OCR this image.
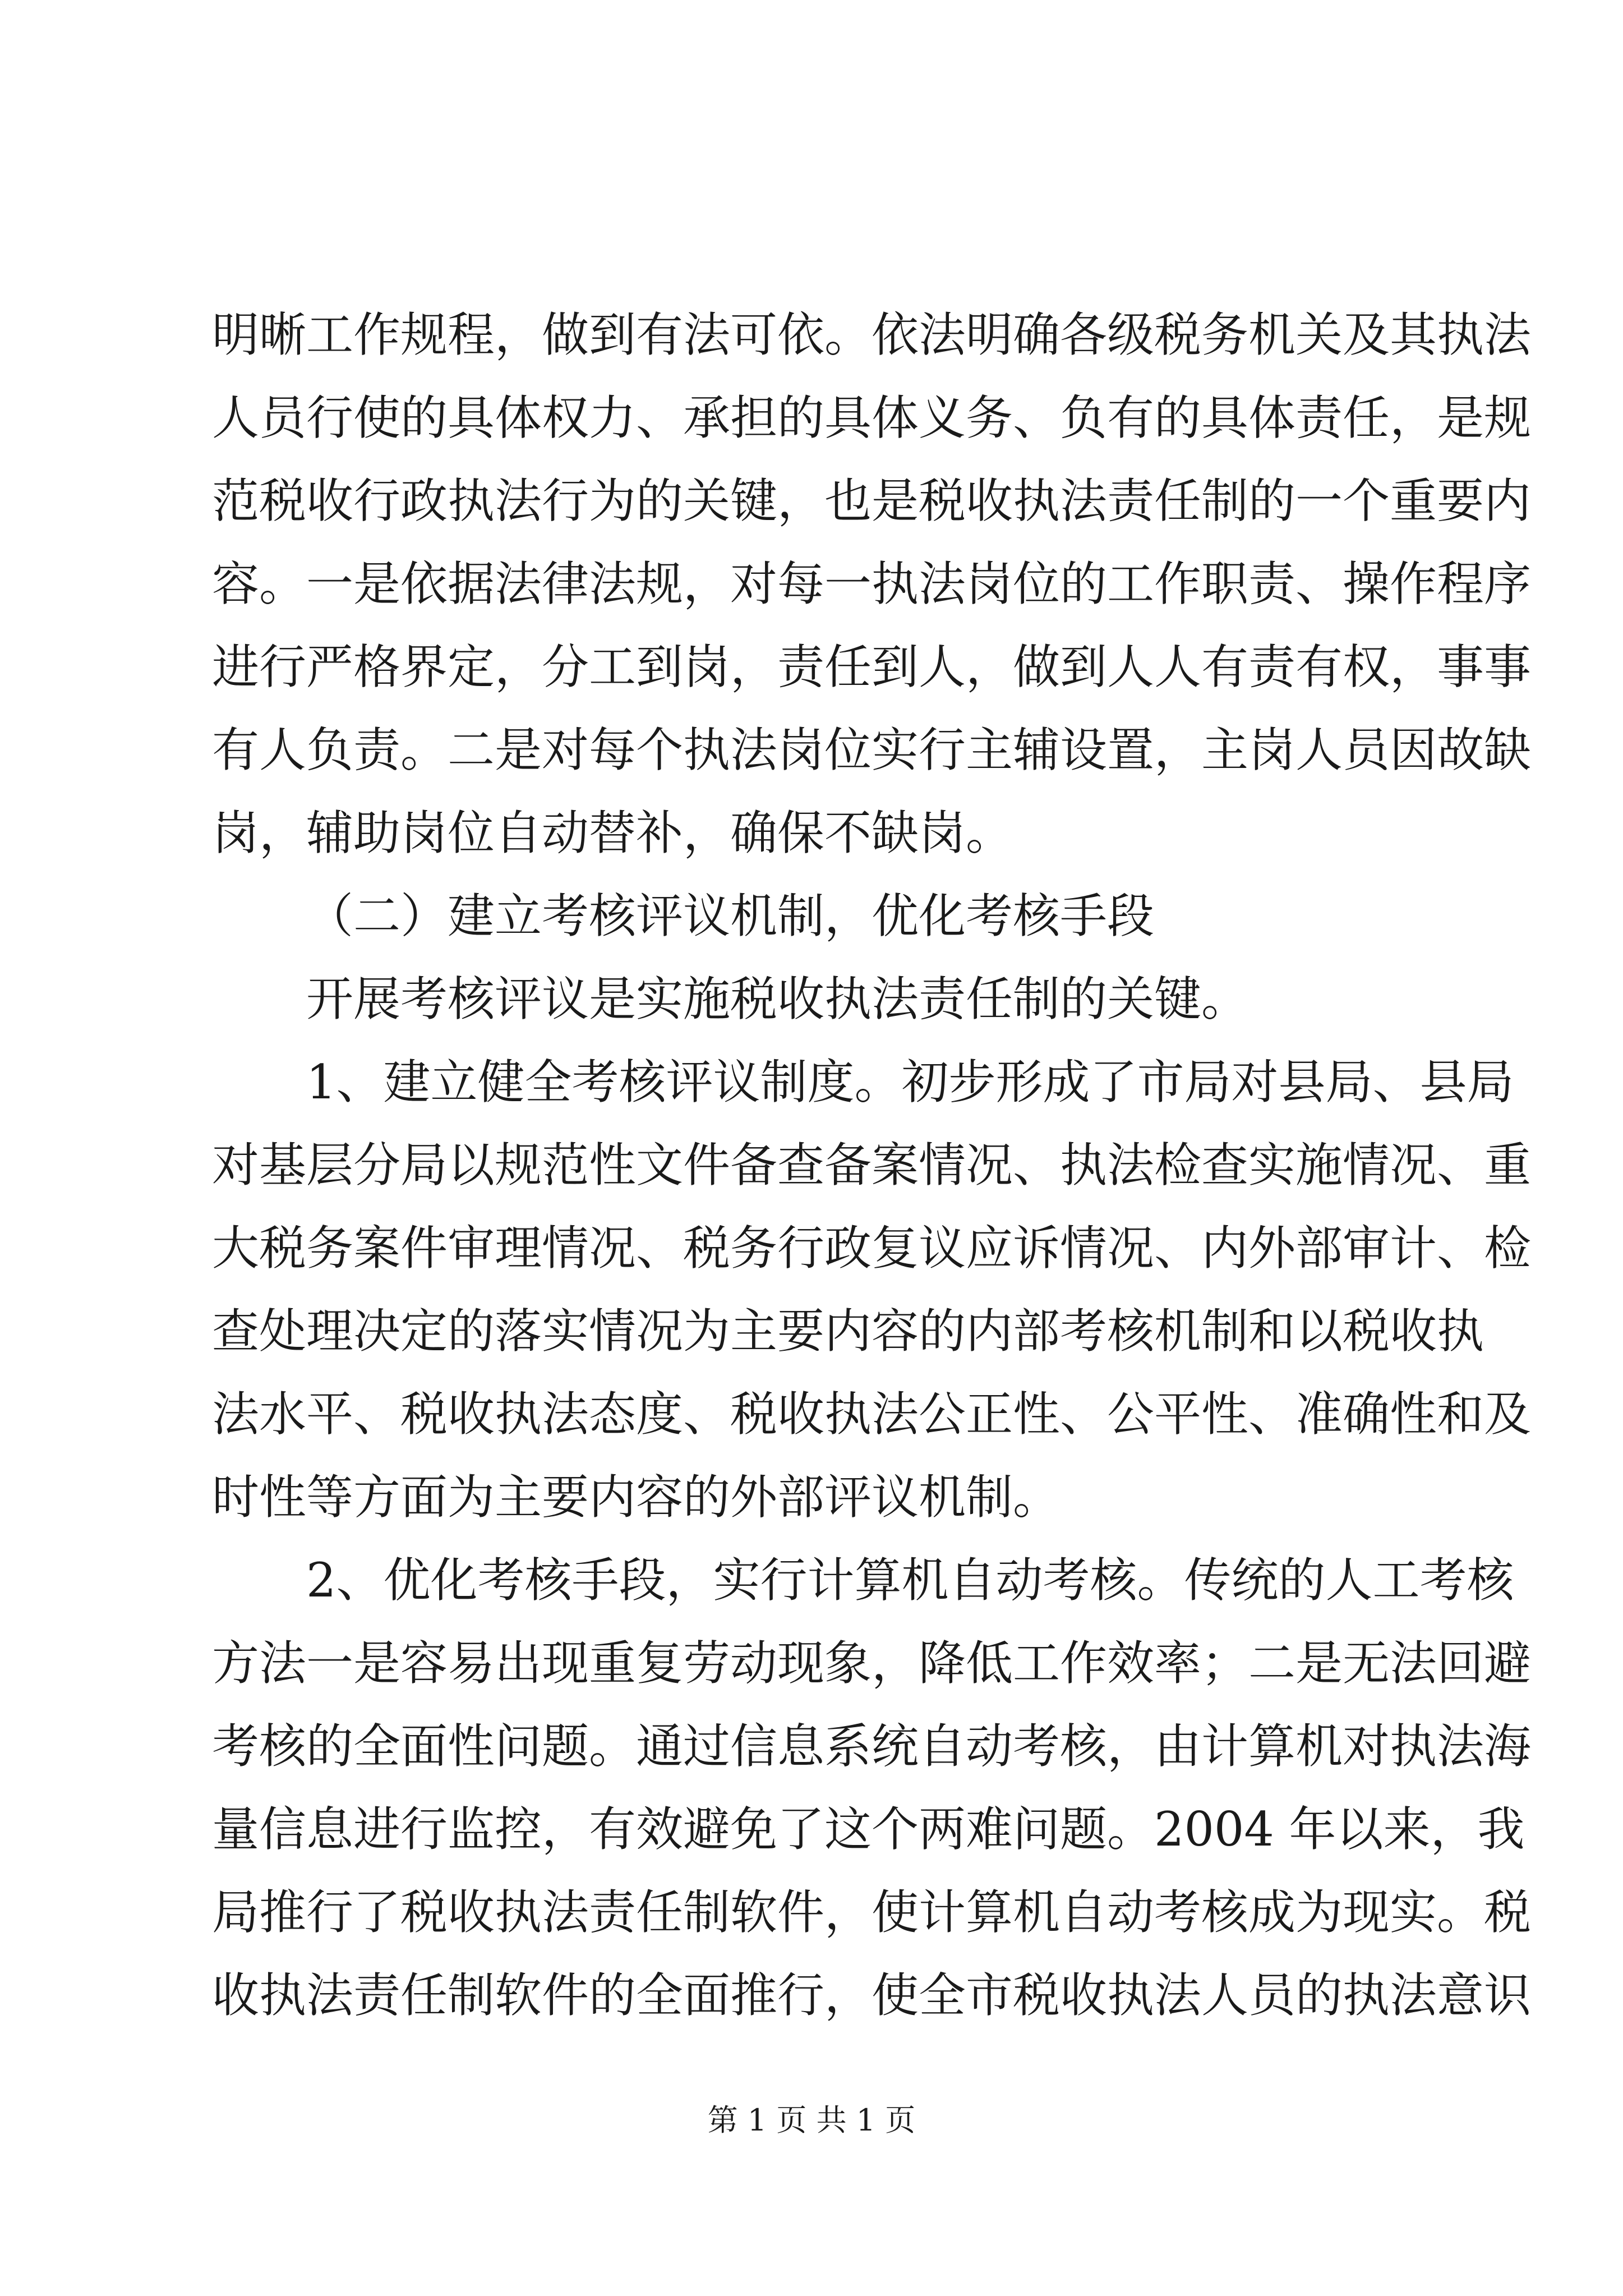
明晰工作规程，做到有法可依。依法明确各级税务机关及其执法
人员行使的具体权力、承担的具体义务、负有的具体责任，是规
范税收行政执法行为的关键，也是税收执法责任制的一个重要内
容。一是依据法律法规，对每一执法岗位的工作职责、操作程序
进行严格界定，分工到岗，责任到人，做到人人有责有权，事事
有人负责。二是对每个执法岗位实行主辅设置，主岗人员因故缺
岗，辅助岗位自动替补，确保不缺岗。
（二）建立考核评议机制，优化考核手段
开展考核评议是实施税收执法责任制的关键。
1、建立健全考核评议制度。初步形成了市局对县局、县局
对基层分局以规范性文件备查备案情况、执法检查实施情况、重
大税务案件审理情况、税务行政复议应诉情况、内外部审计、检
查处理决定的落实情况为主要内容的内部考核机制和以税收执
法水平、税收执法态度、税收执法公正性、公平性、准确性和及
时性等方面为主要内容的外部评议机制。
2、优化考核手段，实行计算机自动考核。传统的人工考核
方法一是容易出现重复劳动现象，降低工作效率；二是无法回避
考核的全面性问题。通过信息系统自动考核，由计算机对执法海
量信息进行监控，有效避免了这个两难问题。2004 年以来，我
局推行了税收执法责任制软件，使计算机自动考核成为现实。税
收执法责任制软件的全面推行，使全市税收执法人员的执法意识
第 1 页 共 1 页
